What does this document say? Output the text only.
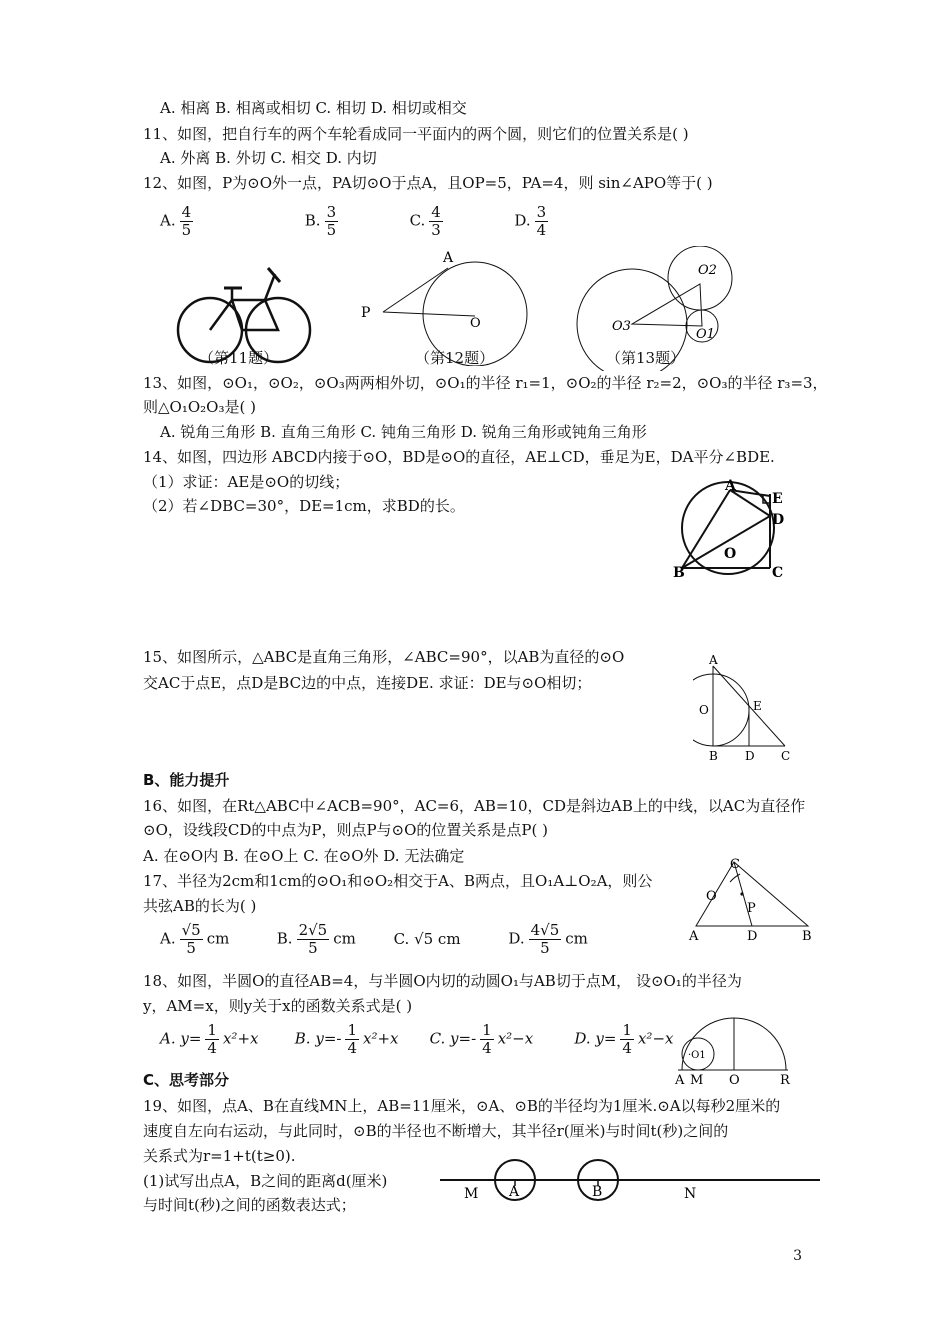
A. 相离 B. 相离或相切 C. 相切 D. 相切或相交
11、如图，把自行车的两个车轮看成同一平面内的两个圆，则它们的位置关系是( )
A. 外离 B. 外切 C. 相交 D. 内切
12、如图，P为⊙O外一点，PA切⊙O于点A，且OP=5，PA=4，则 sin∠APO等于( )
A. $\frac{4}{5}$	B. $\frac{3}{5}$	C. $\frac{4}{3}$	D. $\frac{3}{4}$
（第11题）
A
P
O
（第12题）
O2
O3
O1
（第13题）
13、如图，⊙O₁，⊙O₂，⊙O₃两两相外切，⊙O₁的半径 r₁=1，⊙O₂的半径 r₂=2，⊙O₃的半径 r₃=3，
则△O₁O₂O₃是( )
A. 锐角三角形 B. 直角三角形 C. 钝角三角形 D. 锐角三角形或钝角三角形
14、如图，四边形 ABCD内接于⊙O，BD是⊙O的直径，AE⊥CD，垂足为E，DA平分∠BDE.
（1）求证：AE是⊙O的切线；
（2）若∠DBC=30°，DE=1cm，求BD的长。
A
E
D
O
B	C
15、如图所示，△ABC是直角三角形，∠ABC=90°，以AB为直径的⊙O
交AC于点E，点D是BC边的中点，连接DE. 求证：DE与⊙O相切；
A
O	E
B D C
B、能力提升
16、如图，在Rt△ABC中∠ACB=90°，AC=6，AB=10，CD是斜边AB上的中线，以AC为直径作
⊙O，设线段CD的中点为P，则点P与⊙O的位置关系是点P( )
A. 在⊙O内 B. 在⊙O上 C. 在⊙O外 D. 无法确定	C
O
P
A	D	B
17、半径为2cm和1cm的⊙O₁和⊙O₂相交于A、B两点，且O₁A⊥O₂A，则公
共弦AB的长为( )
A. $\frac{√5}{5}$ cm	B. $\frac{2√5}{5}$ cm	C. √5 cm	D. $\frac{4√5}{5}$ cm
18、如图，半圆O的直径AB=4，与半圆O内切的动圆O₁与AB切于点M， 设⊙O₁的半径为
y，AM=x，则y关于x的函数关系式是( )
A. $y= \frac{1}{4} x^2+x$ B. $y=- \frac{1}{4} x^2+x$ C. $y=- \frac{1}{4} x^2-x$	D. $y= \frac{1}{4} x^2-x$
·O1
A M O	R
C、思考部分
19、如图，点A、B在直线MN上，AB=11厘米，⊙A、⊙B的半径均为1厘米.⊙A以每秒2厘米的
速度自左向右运动，与此同时，⊙B的半径也不断增大，其半径r(厘米)与时间t(秒)之间的
关系式为r=1+t(t≥0).
(1)试写出点A，B之间的距离d(厘米)
与时间t(秒)之间的函数表达式；
M A	B	N
3
